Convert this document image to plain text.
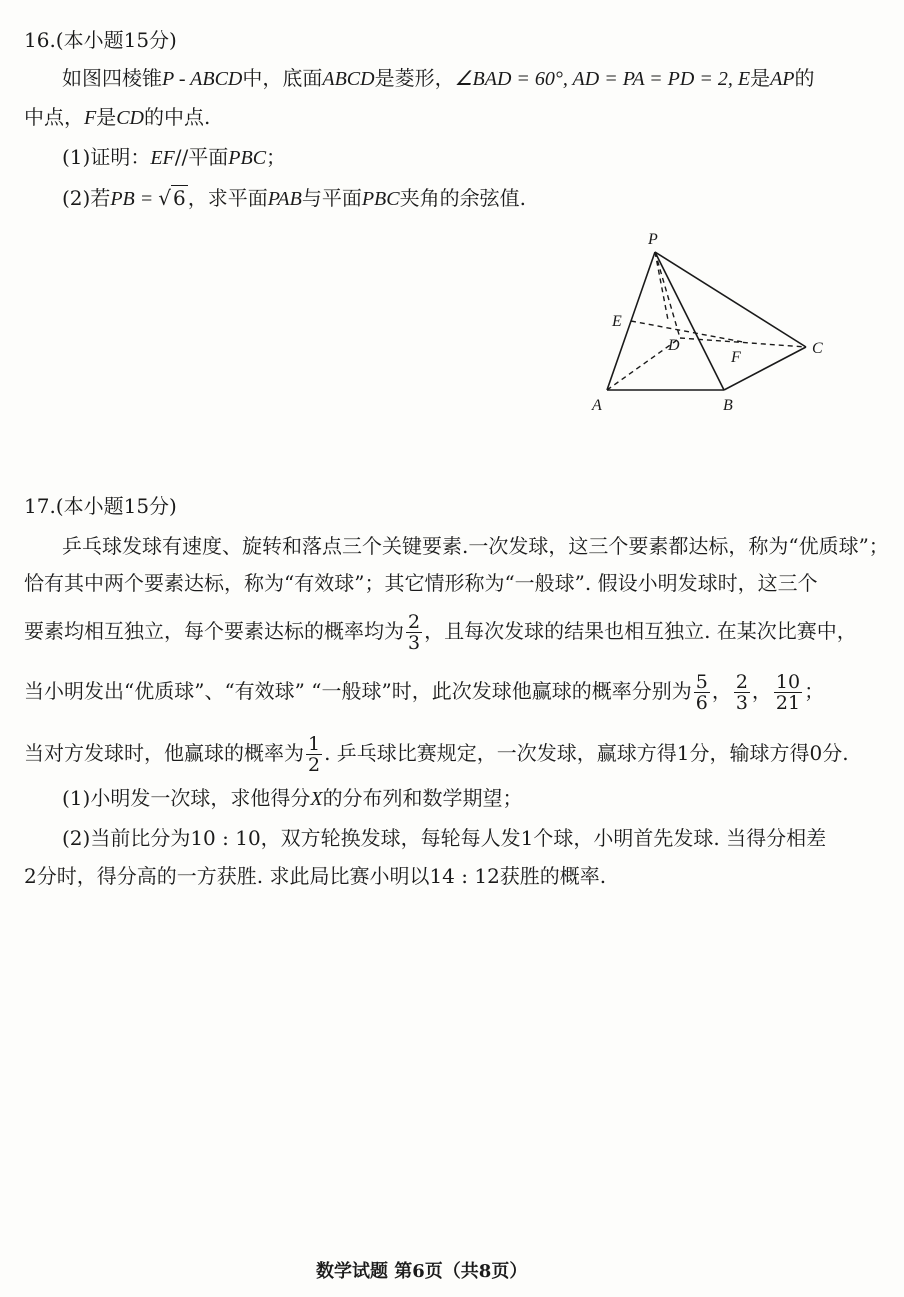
16.(本小题15分)
如图四棱锥P - ABCD中，底面ABCD是菱形，∠BAD = 60°, AD = PA = PD = 2, E是AP的
中点，F是CD的中点.
(1)证明：EF//平面PBC；
(2)若PB = √ 6 ，求平面PAB与平面PBC夹角的余弦值.
P
E
D
F
C
A	B
17.(本小题15分)
乒乓球发球有速度、旋转和落点三个关键要素.一次发球，这三个要素都达标，称为“优质球”；
恰有其中两个要素达标，称为“有效球”；其它情形称为“一般球”. 假设小明发球时，这三个
要素均相互独立，每个要素达标的概率均为 $\frac{2}{3}$ ，且每次发球的结果也相互独立. 在某次比赛中，
当小明发出“优质球”、“有效球” “一般球”时，此次发球他赢球的概率分别为 $\frac{5}{6}$ ， $\frac{2}{3}$ ， $\frac{10}{21}$ ；
当对方发球时，他赢球的概率为 $\frac{1}{2}$ . 乒乓球比赛规定，一次发球，赢球方得1分，输球方得0分.
(1)小明发一次球，求他得分X的分布列和数学期望；
(2)当前比分为10 : 10，双方轮换发球，每轮每人发1个球，小明首先发球. 当得分相差
2分时，得分高的一方获胜. 求此局比赛小明以14 : 12获胜的概率.
数学试题 第6页（共8页）
